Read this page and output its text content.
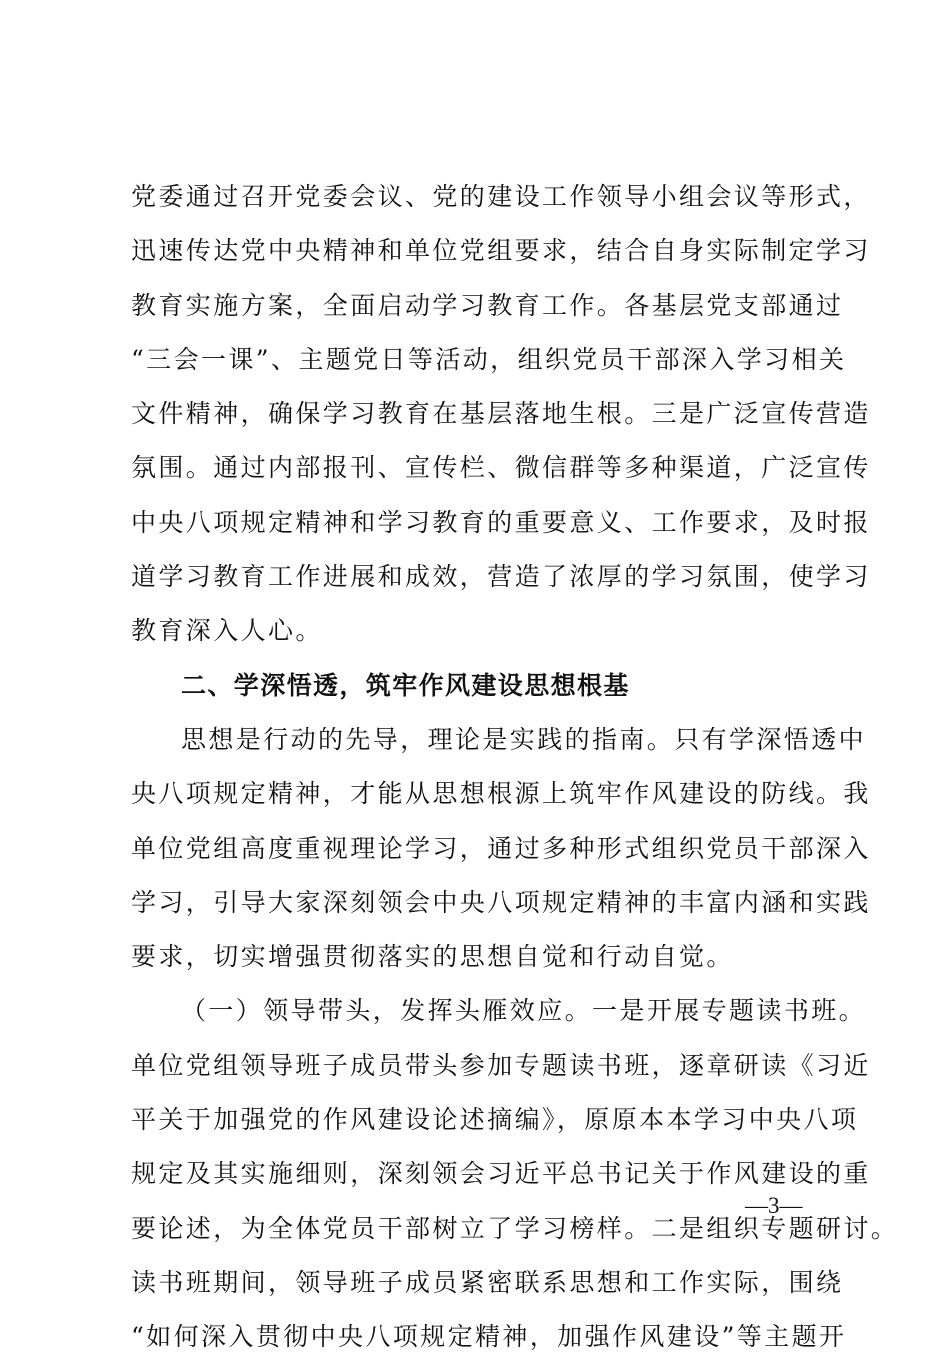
党委通过召开党委会议、党的建设工作领导小组会议等形式，
迅速传达党中央精神和单位党组要求，结合自身实际制定学习
教育实施方案，全面启动学习教育工作。各基层党支部通过
“三会一课”、主题党日等活动，组织党员干部深入学习相关
文件精神，确保学习教育在基层落地生根。三是广泛宣传营造
氛围。通过内部报刊、宣传栏、微信群等多种渠道，广泛宣传
中央八项规定精神和学习教育的重要意义、工作要求，及时报
道学习教育工作进展和成效，营造了浓厚的学习氛围，使学习
教育深入人心。
二、学深悟透，筑牢作风建设思想根基
思想是行动的先导，理论是实践的指南。只有学深悟透中
央八项规定精神，才能从思想根源上筑牢作风建设的防线。我
单位党组高度重视理论学习，通过多种形式组织党员干部深入
学习，引导大家深刻领会中央八项规定精神的丰富内涵和实践
要求，切实增强贯彻落实的思想自觉和行动自觉。
（一）领导带头，发挥头雁效应。一是开展专题读书班。
单位党组领导班子成员带头参加专题读书班，逐章研读《习近
平关于加强党的作风建设论述摘编》，原原本本学习中央八项
规定及其实施细则，深刻领会习近平总书记关于作风建设的重
要论述，为全体党员干部树立了学习榜样。二是组织专题研讨。
读书班期间，领导班子成员紧密联系思想和工作实际，围绕
“如何深入贯彻中央八项规定精神，加强作风建设”等主题开
—3—
